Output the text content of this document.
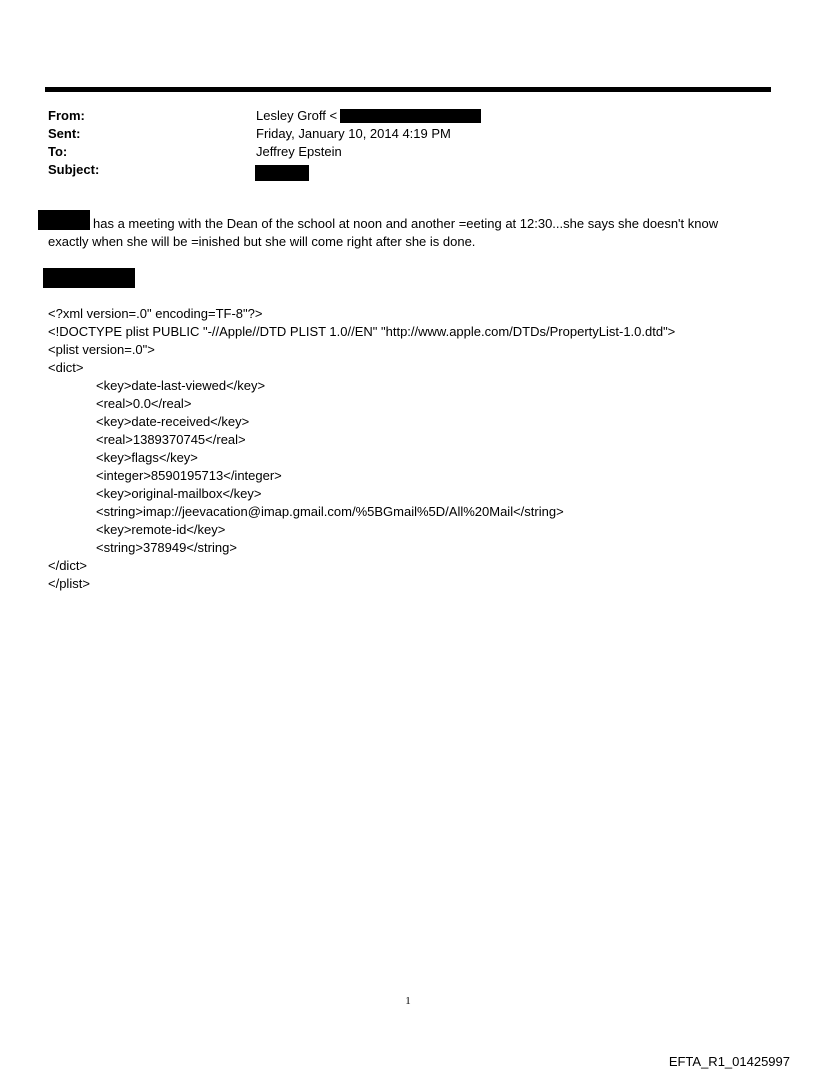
From:	Lesley Groff <
Sent:	Friday, January 10, 2014 4:19 PM
To:	Jeffrey Epstein
Subject:
has a meeting with the Dean of the school at noon and another =eeting at 12:30...she says she doesn't know
exactly when she will be =inished but she will come right after she is done.
<?xml version=.0" encoding=TF-8"?>
<!DOCTYPE plist PUBLIC "-//Apple//DTD PLIST 1.0//EN" "http://www.apple.com/DTDs/PropertyList-1.0.dtd">
<plist version=.0">
<dict>
<key>date-last-viewed</key>
<real>0.0</real>
<key>date-received</key>
<real>1389370745</real>
<key>flags</key>
<integer>8590195713</integer>
<key>original-mailbox</key>
<string>imap://jeevacation@imap.gmail.com/%5BGmail%5D/All%20Mail</string>
<key>remote-id</key>
<string>378949</string>
</dict>
</plist>
1
EFTA_R1_01425997
